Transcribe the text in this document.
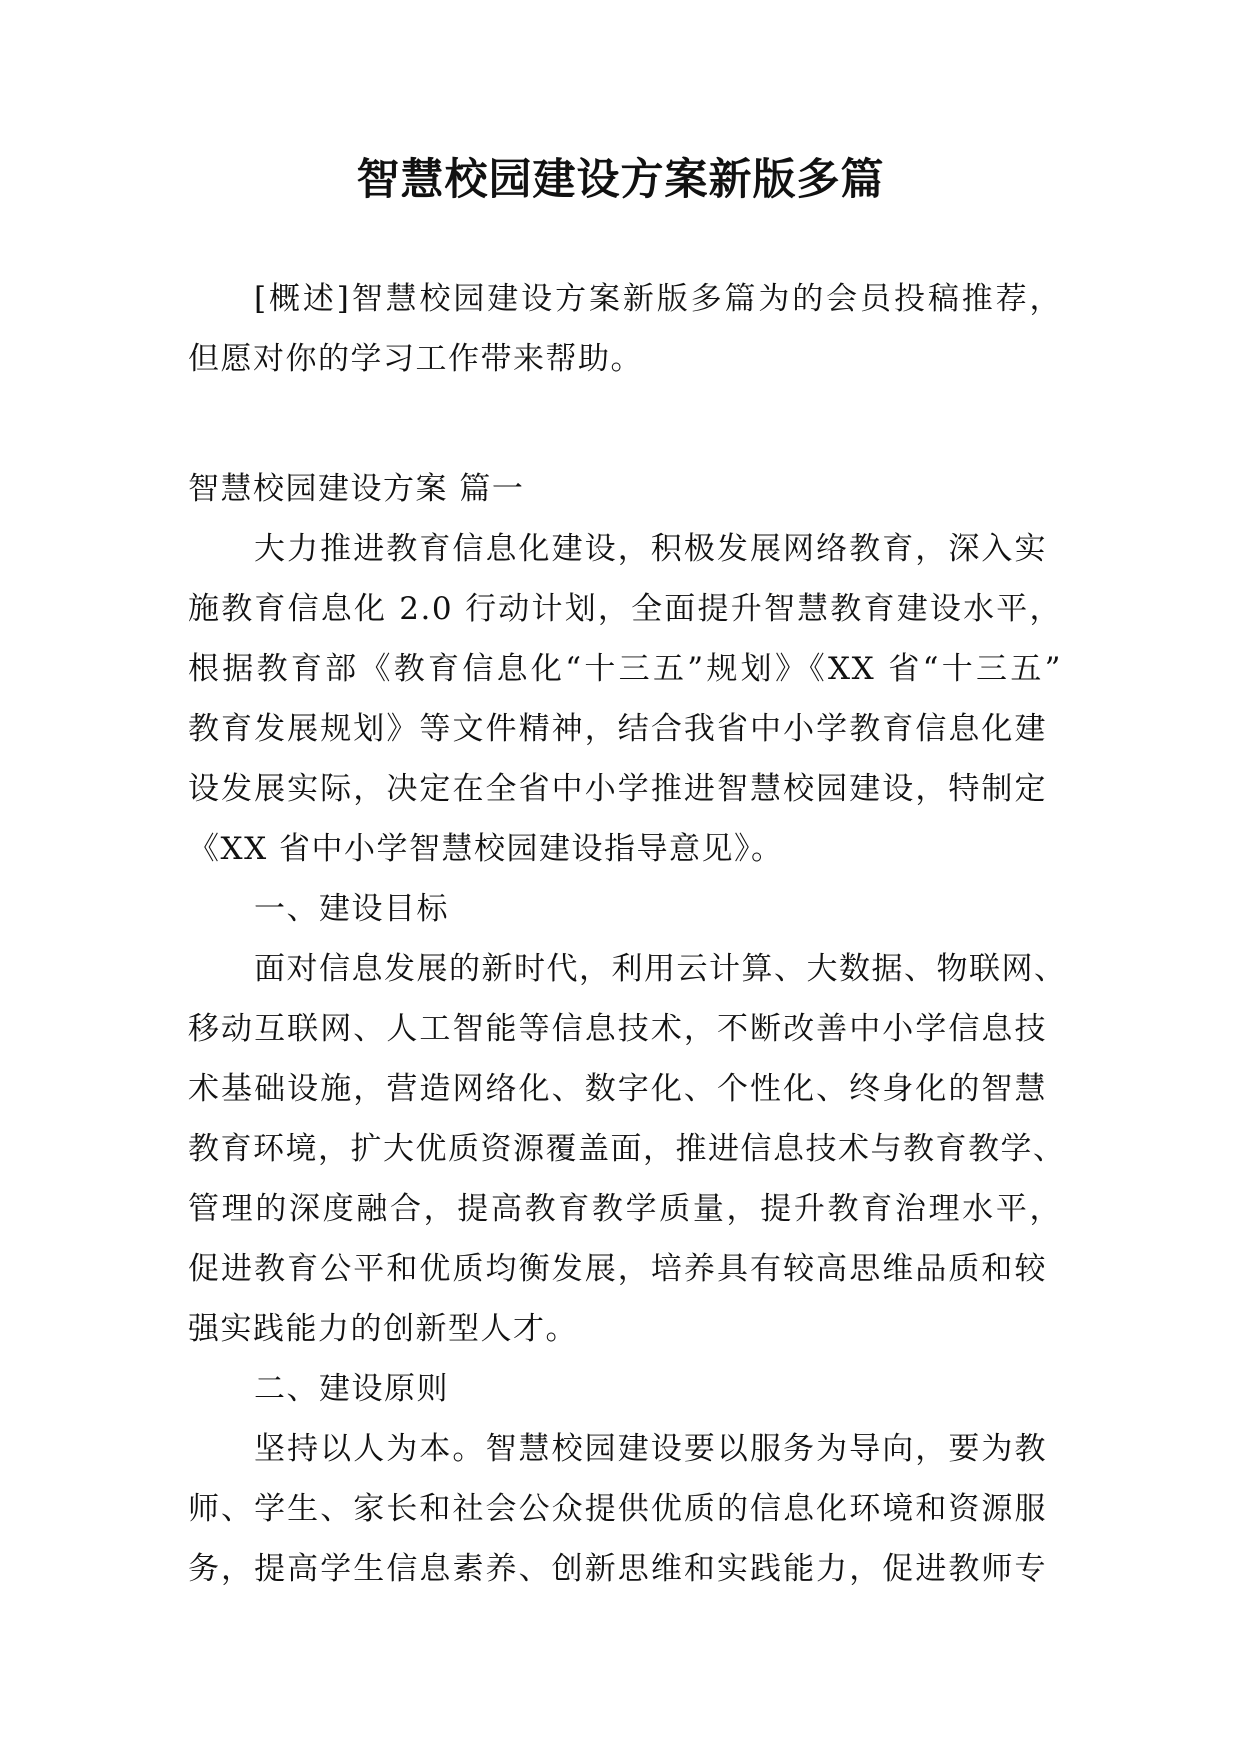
智慧校园建设方案新版多篇
[概述]智慧校园建设方案新版多篇为的会员投稿推荐，
但愿对你的学习工作带来帮助。
智慧校园建设方案 篇一
大力推进教育信息化建设，积极发展网络教育，深入实
施教育信息化 2.0 行动计划，全面提升智慧教育建设水平，
根据教育部《教育信息化“十三五”规划》《XX 省“十三五”
教育发展规划》等文件精神，结合我省中小学教育信息化建
设发展实际，决定在全省中小学推进智慧校园建设，特制定
《XX 省中小学智慧校园建设指导意见》。
一、建设目标
面对信息发展的新时代，利用云计算、大数据、物联网、
移动互联网、人工智能等信息技术，不断改善中小学信息技
术基础设施，营造网络化、数字化、个性化、终身化的智慧
教育环境，扩大优质资源覆盖面，推进信息技术与教育教学、
管理的深度融合，提高教育教学质量，提升教育治理水平，
促进教育公平和优质均衡发展，培养具有较高思维品质和较
强实践能力的创新型人才。
二、建设原则
坚持以人为本。智慧校园建设要以服务为导向，要为教
师、学生、家长和社会公众提供优质的信息化环境和资源服
务，提高学生信息素养、创新思维和实践能力，促进教师专
